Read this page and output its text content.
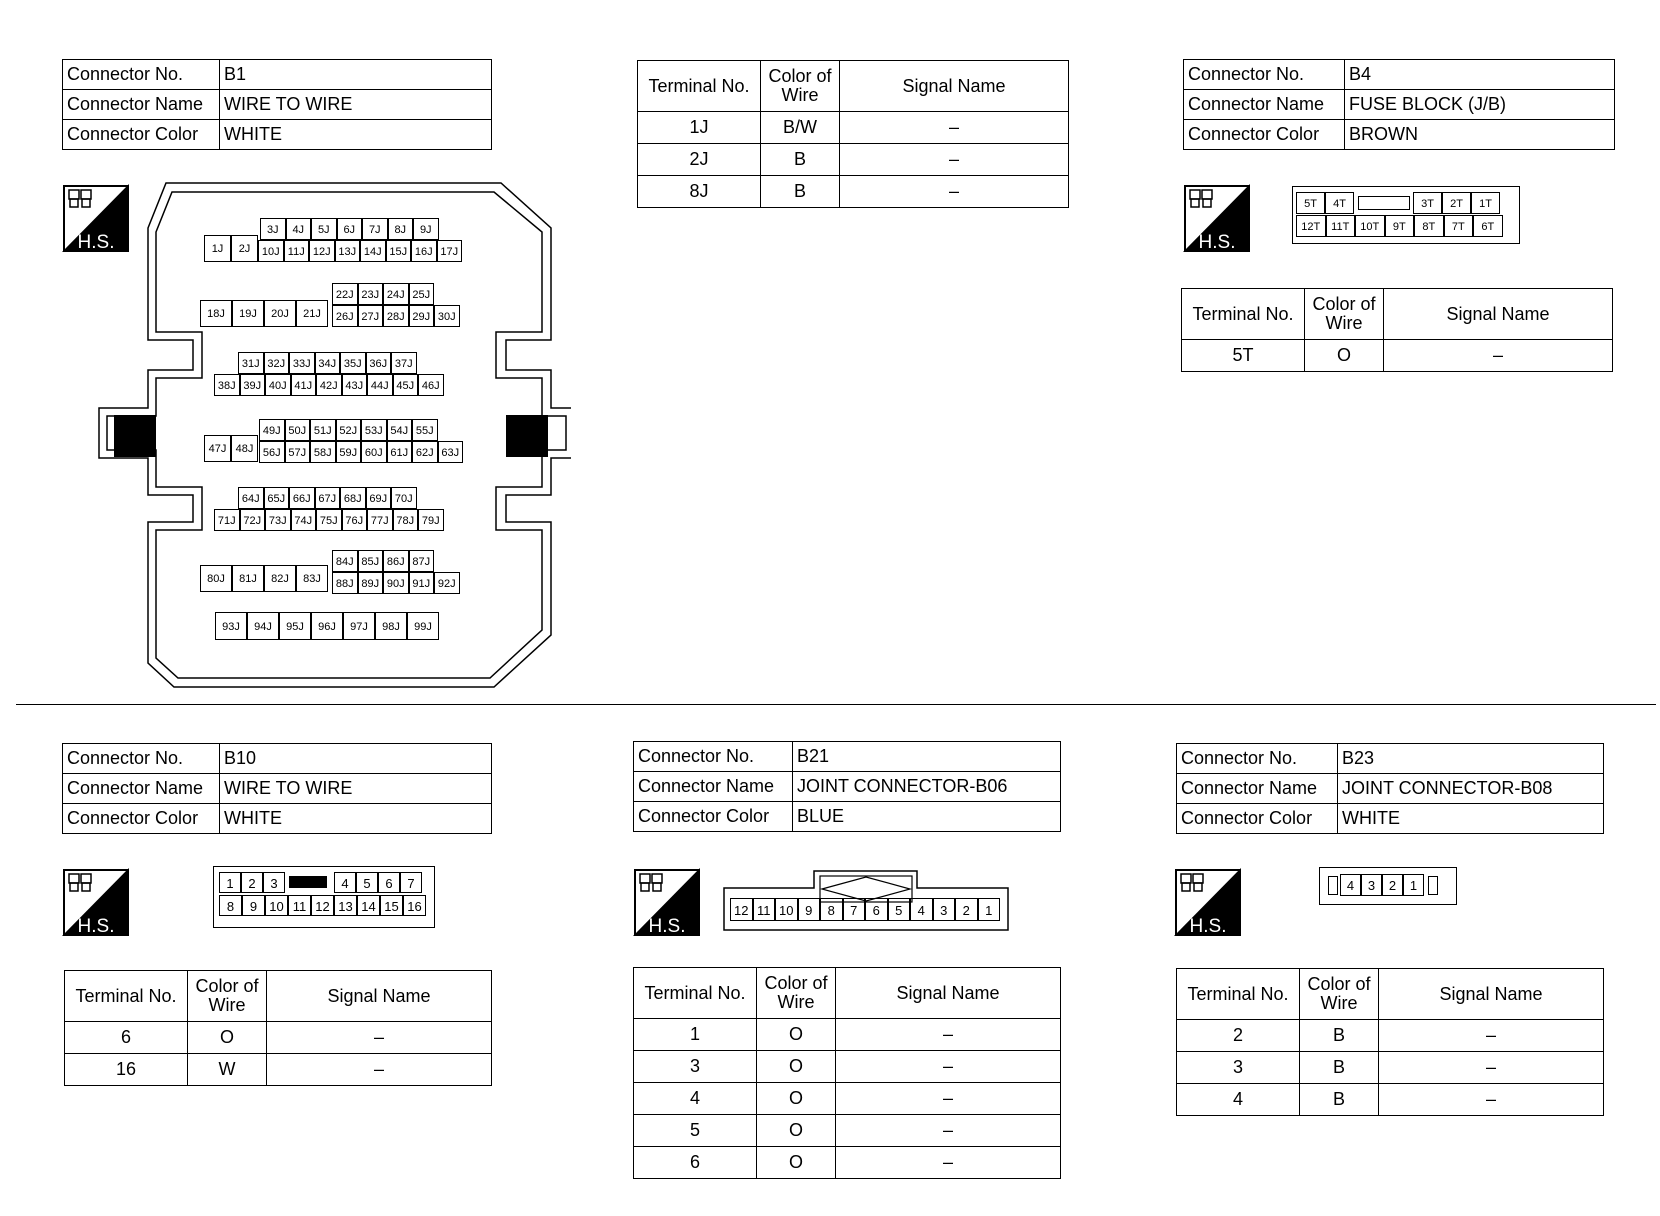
Connector No.	B1
Connector Name	WIRE TO WIRE
Connector Color	WHITE
H.S.
3J	4J	5J	6J	7J	8J	9J
1J	2J	10J 11J 12J 13J 14J 15J 16J 17J
22J 23J 24J 25J
18J	19J	20J	21J	26J 27J 28J 29J 30J
31J 32J 33J 34J 35J 36J 37J
38J 39J 40J 41J 42J 43J 44J 45J 46J
49J 50J 51J 52J 53J 54J 55J
47J 48J 56J 57J 58J 59J 60J 61J 62J 63J
64J 65J 66J 67J 68J 69J 70J
71J 72J 73J 74J 75J 76J 77J 78J 79J
84J 85J 86J 87J
80J	81J	82J	83J	88J 89J 90J 91J 92J
93J	94J	95J	96J	97J	98J	99J
Terminal No.	Color of
Wire	Signal Name
1J	B/W	–
2J	B	–
8J	B	–
Connector No.	B4
Connector Name	FUSE BLOCK (J/B)
Connector Color	BROWN
H.S.
5T	4T	3T	2T	1T
12T 11T 10T	9T	8T	7T	6T
Terminal No.	Color of
Wire	Signal Name
5T	O	–
Connector No.	B10
Connector Name	WIRE TO WIRE
Connector Color	WHITE
H.S.
1	2	3	4	5	6	7
8	9 10 11 12 13 14 15 16
Terminal No.	Color of
Wire	Signal Name
6	O	–
16	W	–
Connector No.	B21
Connector Name	JOINT CONNECTOR-B06
Connector Color	BLUE
H.S.
12 11 10 9	8	7	6	5	4	3	2	1
Terminal No.	Color of
Wire	Signal Name
1	O	–
3	O	–
4	O	–
5	O	–
6	O	–
Connector No.	B23
Connector Name	JOINT CONNECTOR-B08
Connector Color	WHITE
H.S.
4	3	2	1
Terminal No.	Color of
Wire	Signal Name
2	B	–
3	B	–
4	B	–
